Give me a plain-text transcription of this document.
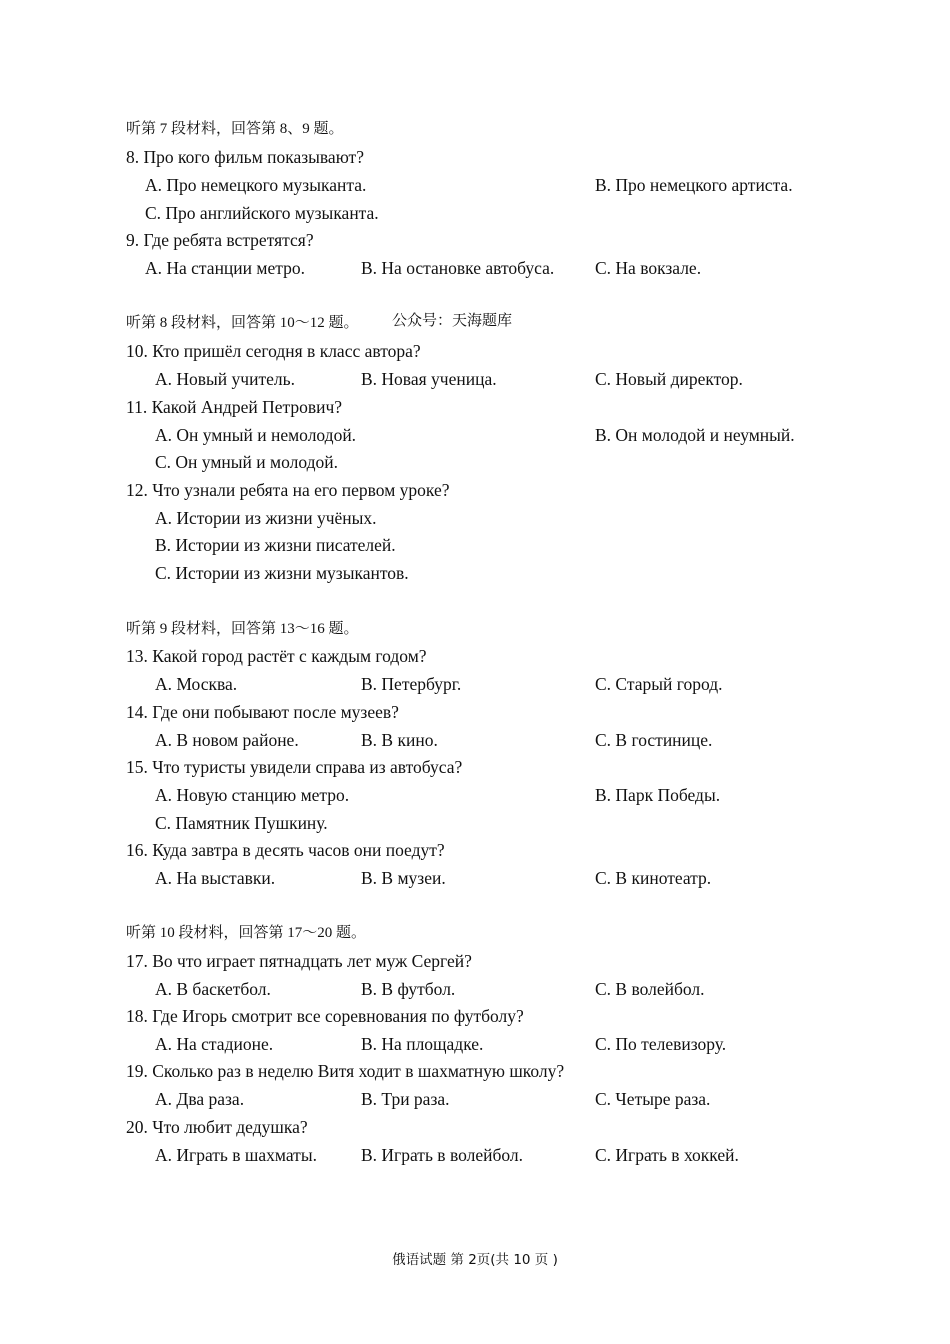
听第 7 段材料，回答第 8、9 题。
8. Про кого фильм показывают?
A. Про немецкого музыканта.	B. Про немецкого артиста.
C. Про английского музыканта.
9. Где ребята встретятся?
A. На станции метро.	B. На остановке автобуса. C. На вокзале.
听第 8 段材料，回答第 10～12 题。 公众号：天海题库
10. Кто пришёл сегодня в класс автора?
A. Новый учитель.	B. Новая ученица.	C. Новый директор.
11. Какой Андрей Петрович?
A. Он умный и немолодой.	B. Он молодой и неумный.
C. Он умный и молодой.
12. Что узнали ребята на его первом уроке?
A. Истории из жизни учёных.
B. Истории из жизни писателей.
C. Истории из жизни музыкантов.
听第 9 段材料，回答第 13～16 题。
13. Какой город растёт с каждым годом?
A. Москва.	B. Петербург.	C. Старый город.
14. Где они побывают после музеев?
A. В новом районе.	B. В кино.	C. В гостинице.
15. Что туристы увидели справа из автобуса?
A. Новую станцию метро.	B. Парк Победы.
C. Памятник Пушкину.
16. Куда завтра в десять часов они поедут?
A. На выставки.	B. В музеи.	C. В кинотеатр.
听第 10 段材料，回答第 17～20 题。
17. Во что играет пятнадцать лет муж Сергей?
A. В баскетбол.	B. В футбол.	C. В волейбол.
18. Где Игорь смотрит все соревнования по футболу?
A. На стадионе.	B. На площадке.	C. По телевизору.
19. Сколько раз в неделю Витя ходит в шахматную школу?
A. Два раза.	B. Три раза.	C. Четыре раза.
20. Что любит дедушка?
A. Играть в шахматы.	B. Играть в волейбол.	C. Играть в хоккей.
俄语试题 第 2页(共 10 页 )
